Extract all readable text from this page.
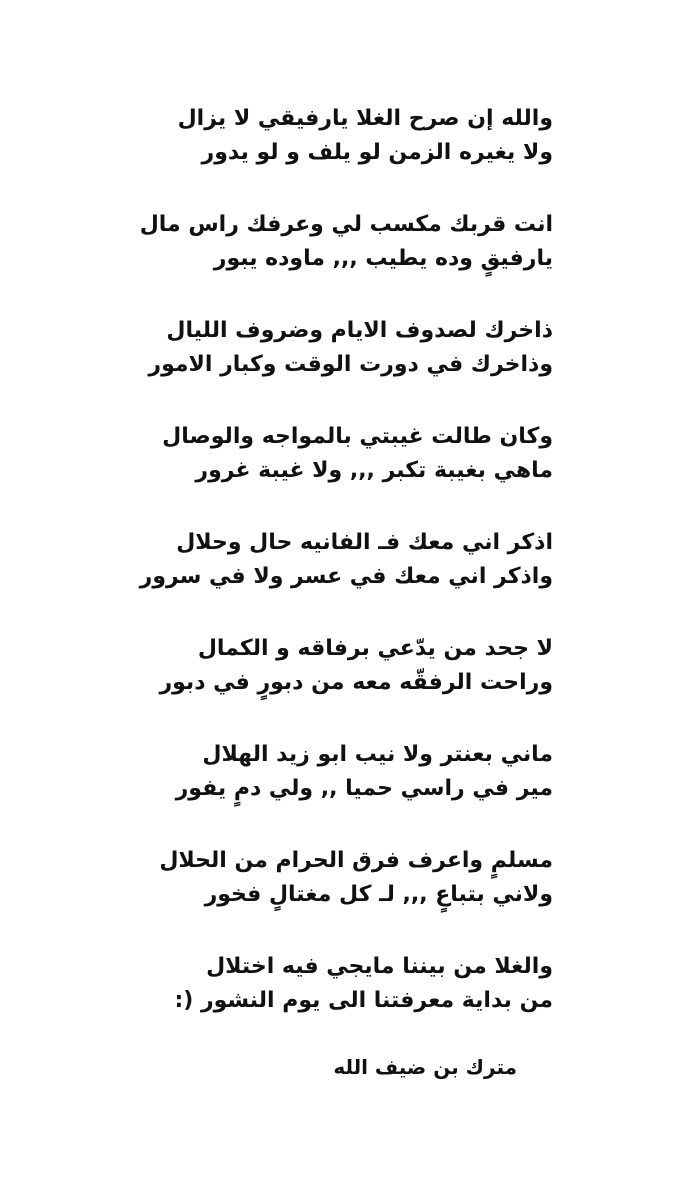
والله إن صرح الغلا يارفيقي لا يزال
ولا يغيره الزمن لو يلف و لو يدور
انت قربك مكسب لي وعرفك راس مال
يارفيقٍ وده يطيب ,,, ماوده يبور
ذاخرك لصدوف الايام وضروف الليال
وذاخرك في دورت الوقت وكبار الامور
وكان طالت غيبتي بالمواجه والوصال
ماهي بغيبة تكبر ,,, ولا غيبة غرور
اذكر اني معك فـ الفانيه حال وحلال
واذكر اني معك في عسر ولا في سرور
لا جحد من يدّعي برفاقه و الكمال
وراحت الرفقّه معه من دبورٍ في دبور
ماني بعنتر ولا نيب ابو زيد الهلال
مير في راسي حميا ,, ولي دمٍ يفور
مسلمٍ واعرف فرق الحرام من الحلال
ولاني بتباعٍ ,,, لـ كل مغتالٍ فخور
والغلا من بيننا مايجي فيه اختلال
من بداية معرفتنا الى يوم النشور (:
مترك بن ضيف الله
